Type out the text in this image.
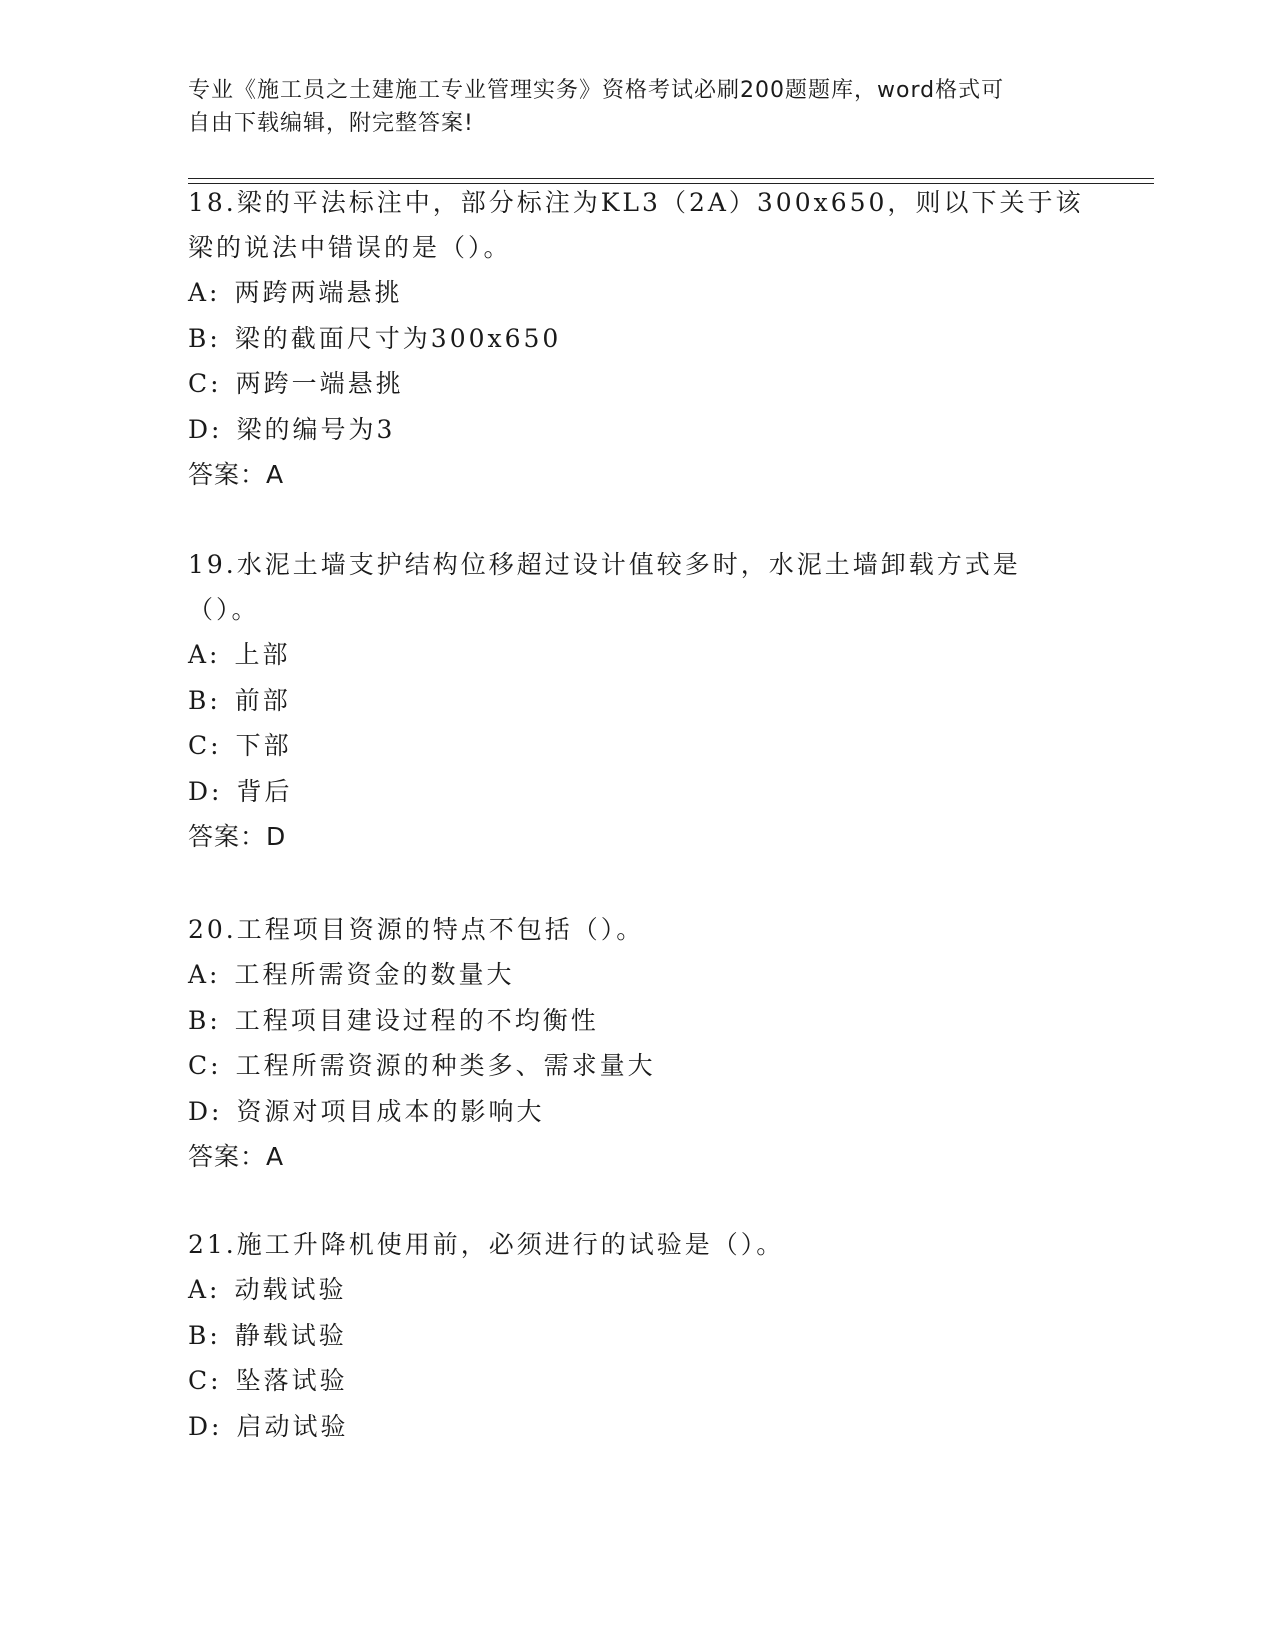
专业《施工员之土建施工专业管理实务》资格考试必刷200题题库，word格式可
自由下载编辑，附完整答案!

18.梁的平法标注中，部分标注为KL3（2A）300x650，则以下关于该梁的说法中错误的是（）。

A: 两跨两端悬挑
B: 梁的截面尺寸为300x650
C: 两跨一端悬挑
D: 梁的编号为3
答案：A

19.水泥土墙支护结构位移超过设计值较多时，水泥土墙卸载方式是（）。

A: 上部
B: 前部
C: 下部
D: 背后
答案：D

20.工程项目资源的特点不包括（）。

A: 工程所需资金的数量大
B: 工程项目建设过程的不均衡性
C: 工程所需资源的种类多、需求量大
D: 资源对项目成本的影响大
答案：A

21.施工升降机使用前，必须进行的试验是（）。

A: 动载试验
B: 静载试验
C: 坠落试验
D: 启动试验
